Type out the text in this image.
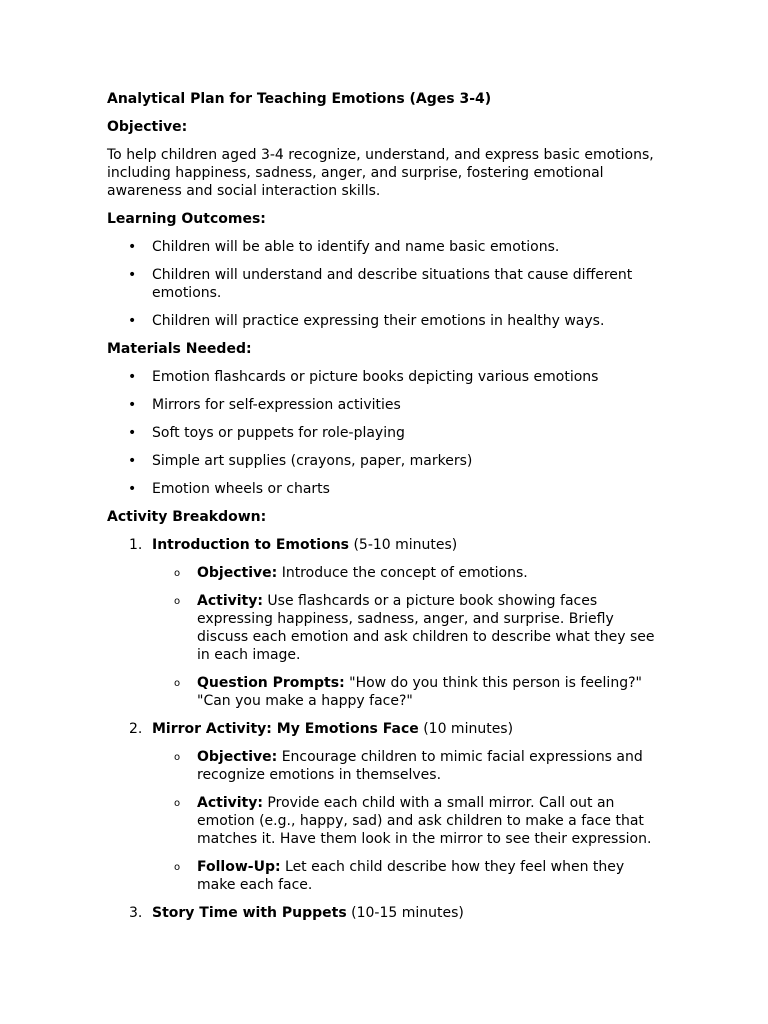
Analytical Plan for Teaching Emotions (Ages 3-4)
Objective:
To help children aged 3-4 recognize, understand, and express basic emotions, including happiness, sadness, anger, and surprise, fostering emotional awareness and social interaction skills.
Learning Outcomes:
• Children will be able to identify and name basic emotions.
• Children will understand and describe situations that cause different emotions.
• Children will practice expressing their emotions in healthy ways.
Materials Needed:
• Emotion flashcards or picture books depicting various emotions
• Mirrors for self-expression activities
• Soft toys or puppets for role-playing
• Simple art supplies (crayons, paper, markers)
• Emotion wheels or charts
Activity Breakdown:
1. Introduction to Emotions (5-10 minutes)
o Objective: Introduce the concept of emotions.
o Activity: Use flashcards or a picture book showing faces expressing happiness, sadness, anger, and surprise. Briefly discuss each emotion and ask children to describe what they see in each image.
o Question Prompts: "How do you think this person is feeling?" "Can you make a happy face?"
2. Mirror Activity: My Emotions Face (10 minutes)
o Objective: Encourage children to mimic facial expressions and recognize emotions in themselves.
o Activity: Provide each child with a small mirror. Call out an emotion (e.g., happy, sad) and ask children to make a face that matches it. Have them look in the mirror to see their expression.
o Follow-Up: Let each child describe how they feel when they make each face.
3. Story Time with Puppets (10-15 minutes)
